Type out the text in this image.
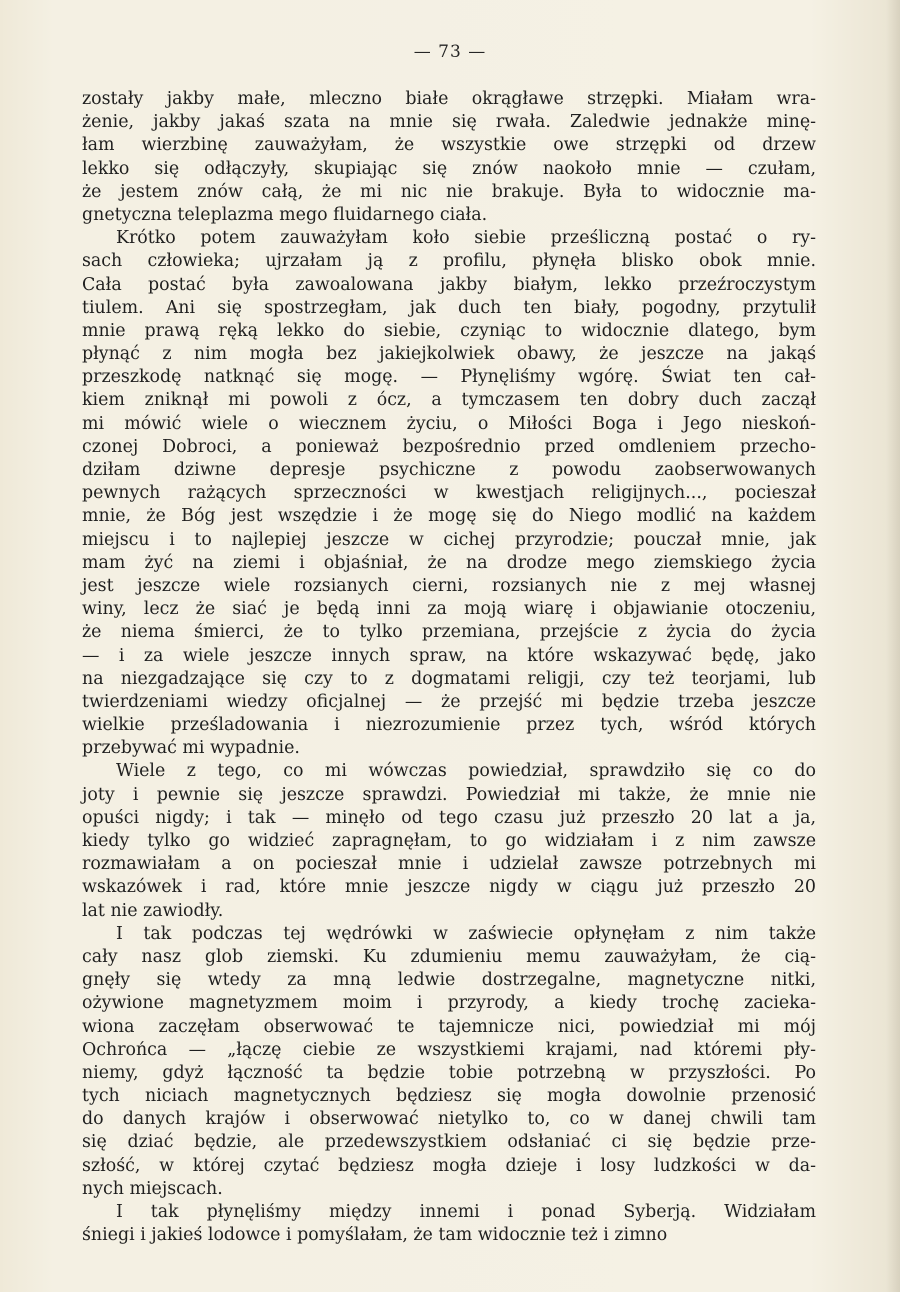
— 73 —
zostały jakby małe, mleczno białe okrągławe strzępki. Miałam wra-
żenie, jakby jakaś szata na mnie się rwała. Zaledwie jednakże minę-
łam wierzbinę zauważyłam, że wszystkie owe strzępki od drzew
lekko się odłączyły, skupiając się znów naokoło mnie — czułam,
że jestem znów całą, że mi nic nie brakuje. Była to widocznie ma-
gnetyczna teleplazma mego fluidarnego ciała.
Krótko potem zauważyłam koło siebie prześliczną postać o ry-
sach człowieka; ujrzałam ją z profilu, płynęła blisko obok mnie.
Cała postać była zawoalowana jakby białym, lekko przeźroczystym
tiulem. Ani się spostrzegłam, jak duch ten biały, pogodny, przytulił
mnie prawą ręką lekko do siebie, czyniąc to widocznie dlatego, bym
płynąć z nim mogła bez jakiejkolwiek obawy, że jeszcze na jakąś
przeszkodę natknąć się mogę. — Płynęliśmy wgórę. Świat ten cał-
kiem zniknął mi powoli z ócz, a tymczasem ten dobry duch zaczął
mi mówić wiele o wiecznem życiu, o Miłości Boga i Jego nieskoń-
czonej Dobroci, a ponieważ bezpośrednio przed omdleniem przecho-
dziłam dziwne depresje psychiczne z powodu zaobserwowanych
pewnych rażących sprzeczności w kwestjach religijnych..., pocieszał
mnie, że Bóg jest wszędzie i że mogę się do Niego modlić na każdem
miejscu i to najlepiej jeszcze w cichej przyrodzie; pouczał mnie, jak
mam żyć na ziemi i objaśniał, że na drodze mego ziemskiego życia
jest jeszcze wiele rozsianych cierni, rozsianych nie z mej własnej
winy, lecz że siać je będą inni za moją wiarę i objawianie otoczeniu,
że niema śmierci, że to tylko przemiana, przejście z życia do życia
— i za wiele jeszcze innych spraw, na które wskazywać będę, jako
na niezgadzające się czy to z dogmatami religji, czy też teorjami, lub
twierdzeniami wiedzy oficjalnej — że przejść mi będzie trzeba jeszcze
wielkie prześladowania i niezrozumienie przez tych, wśród których
przebywać mi wypadnie.
Wiele z tego, co mi wówczas powiedział, sprawdziło się co do
joty i pewnie się jeszcze sprawdzi. Powiedział mi także, że mnie nie
opuści nigdy; i tak — minęło od tego czasu już przeszło 20 lat a ja,
kiedy tylko go widzieć zapragnęłam, to go widziałam i z nim zawsze
rozmawiałam a on pocieszał mnie i udzielał zawsze potrzebnych mi
wskazówek i rad, które mnie jeszcze nigdy w ciągu już przeszło 20
lat nie zawiodły.
I tak podczas tej wędrówki w zaświecie opłynęłam z nim także
cały nasz glob ziemski. Ku zdumieniu memu zauważyłam, że cią-
gnęły się wtedy za mną ledwie dostrzegalne, magnetyczne nitki,
ożywione magnetyzmem moim i przyrody, a kiedy trochę zacieka-
wiona zaczęłam obserwować te tajemnicze nici, powiedział mi mój
Ochrońca — „łączę ciebie ze wszystkiemi krajami, nad któremi pły-
niemy, gdyż łączność ta będzie tobie potrzebną w przyszłości. Po
tych niciach magnetycznych będziesz się mogła dowolnie przenosić
do danych krajów i obserwować nietylko to, co w danej chwili tam
się dziać będzie, ale przedewszystkiem odsłaniać ci się będzie prze-
szłość, w której czytać będziesz mogła dzieje i losy ludzkości w da-
nych miejscach.
I tak płynęliśmy między innemi i ponad Syberją. Widziałam
śniegi i jakieś lodowce i pomyślałam, że tam widocznie też i zimno
